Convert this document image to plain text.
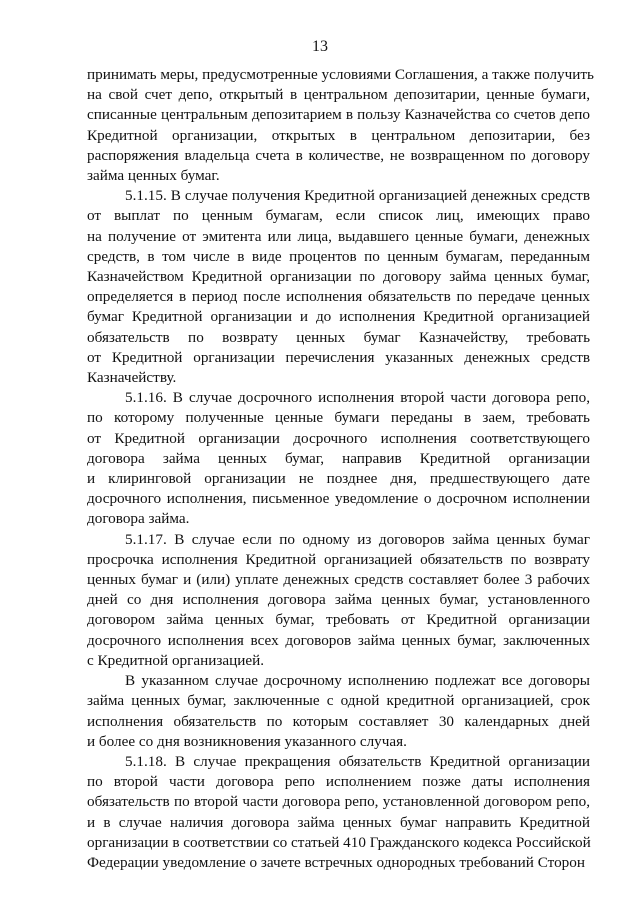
13
принимать меры, предусмотренные условиями Соглашения, а также получить
на свой счет депо, открытый в центральном депозитарии, ценные бумаги,
списанные центральным депозитарием в пользу Казначейства со счетов депо
Кредитной организации, открытых в центральном депозитарии, без
распоряжения владельца счета в количестве, не возвращенном по договору
займа ценных бумаг.
5.1.15. В случае получения Кредитной организацией денежных средств
от выплат по ценным бумагам, если список лиц, имеющих право
на получение от эмитента или лица, выдавшего ценные бумаги, денежных
средств, в том числе в виде процентов по ценным бумагам, переданным
Казначейством Кредитной организации по договору займа ценных бумаг,
определяется в период после исполнения обязательств по передаче ценных
бумаг Кредитной организации и до исполнения Кредитной организацией
обязательств по возврату ценных бумаг Казначейству, требовать
от Кредитной организации перечисления указанных денежных средств
Казначейству.
5.1.16. В случае досрочного исполнения второй части договора репо,
по которому полученные ценные бумаги переданы в заем, требовать
от Кредитной организации досрочного исполнения соответствующего
договора займа ценных бумаг, направив Кредитной организации
и клиринговой организации не позднее дня, предшествующего дате
досрочного исполнения, письменное уведомление о досрочном исполнении
договора займа.
5.1.17. В случае если по одному из договоров займа ценных бумаг
просрочка исполнения Кредитной организацией обязательств по возврату
ценных бумаг и (или) уплате денежных средств составляет более 3 рабочих
дней со дня исполнения договора займа ценных бумаг, установленного
договором займа ценных бумаг, требовать от Кредитной организации
досрочного исполнения всех договоров займа ценных бумаг, заключенных
с Кредитной организацией.
В указанном случае досрочному исполнению подлежат все договоры
займа ценных бумаг, заключенные с одной кредитной организацией, срок
исполнения обязательств по которым составляет 30 календарных дней
и более со дня возникновения указанного случая.
5.1.18. В случае прекращения обязательств Кредитной организации
по второй части договора репо исполнением позже даты исполнения
обязательств по второй части договора репо, установленной договором репо,
и в случае наличия договора займа ценных бумаг направить Кредитной
организации в соответствии со статьей 410 Гражданского кодекса Российской
Федерации уведомление о зачете встречных однородных требований Сторон
